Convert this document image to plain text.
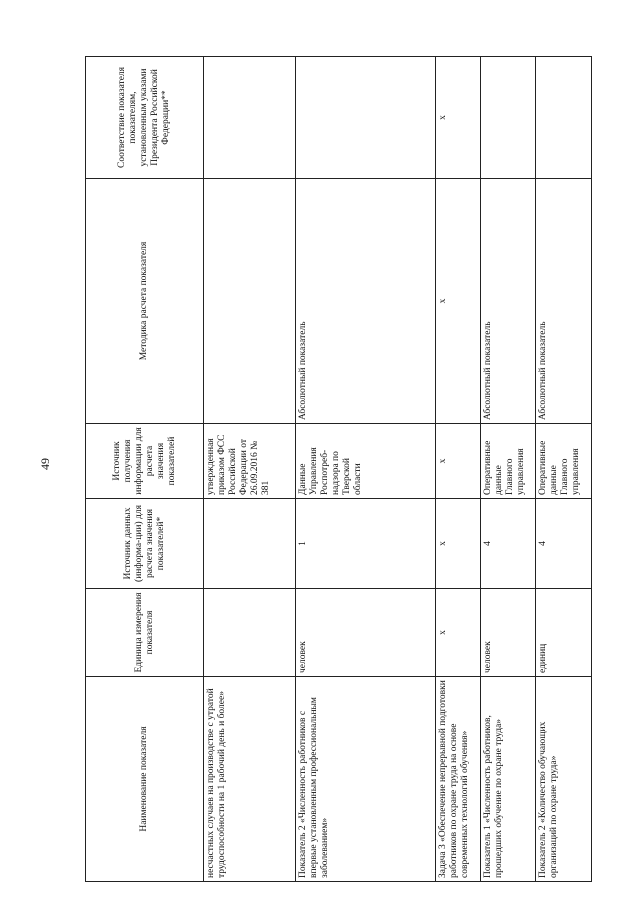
49
Наименование показателя	Единица измерения показателя	Источник данных (информа-ции) для расчета значения показателей*	Источник получения информации для расчета значения показателей	Методика расчета показателя	Соответствие показателя показателям, установленным указами Президента Российской Федерации**
несчастных случаев на производстве с утратой трудоспособности на 1 рабочий день и более»			утвержденная приказом ФСС Российской Федерации от 26.09.2016 № 381		
Показатель 2 «Численность работников с впервые установленным профессиональным заболеванием»	человек	1	Данные Управления Роспотреб-надзора по Тверской области	Абсолютный показатель	
Задача 3 «Обеспечение непрерывной подготовки работников по охране труда на основе современных технологий обучения»	х	х	х	х	х
Показатель 1 «Численность работников, прошедших обучение по охране труда»	человек	4	Оперативные данные Главного управления	Абсолютный показатель	
Показатель 2 «Количество обучающих организаций по охране труда»	единиц	4	Оперативные данные Главного управления	Абсолютный показатель	
